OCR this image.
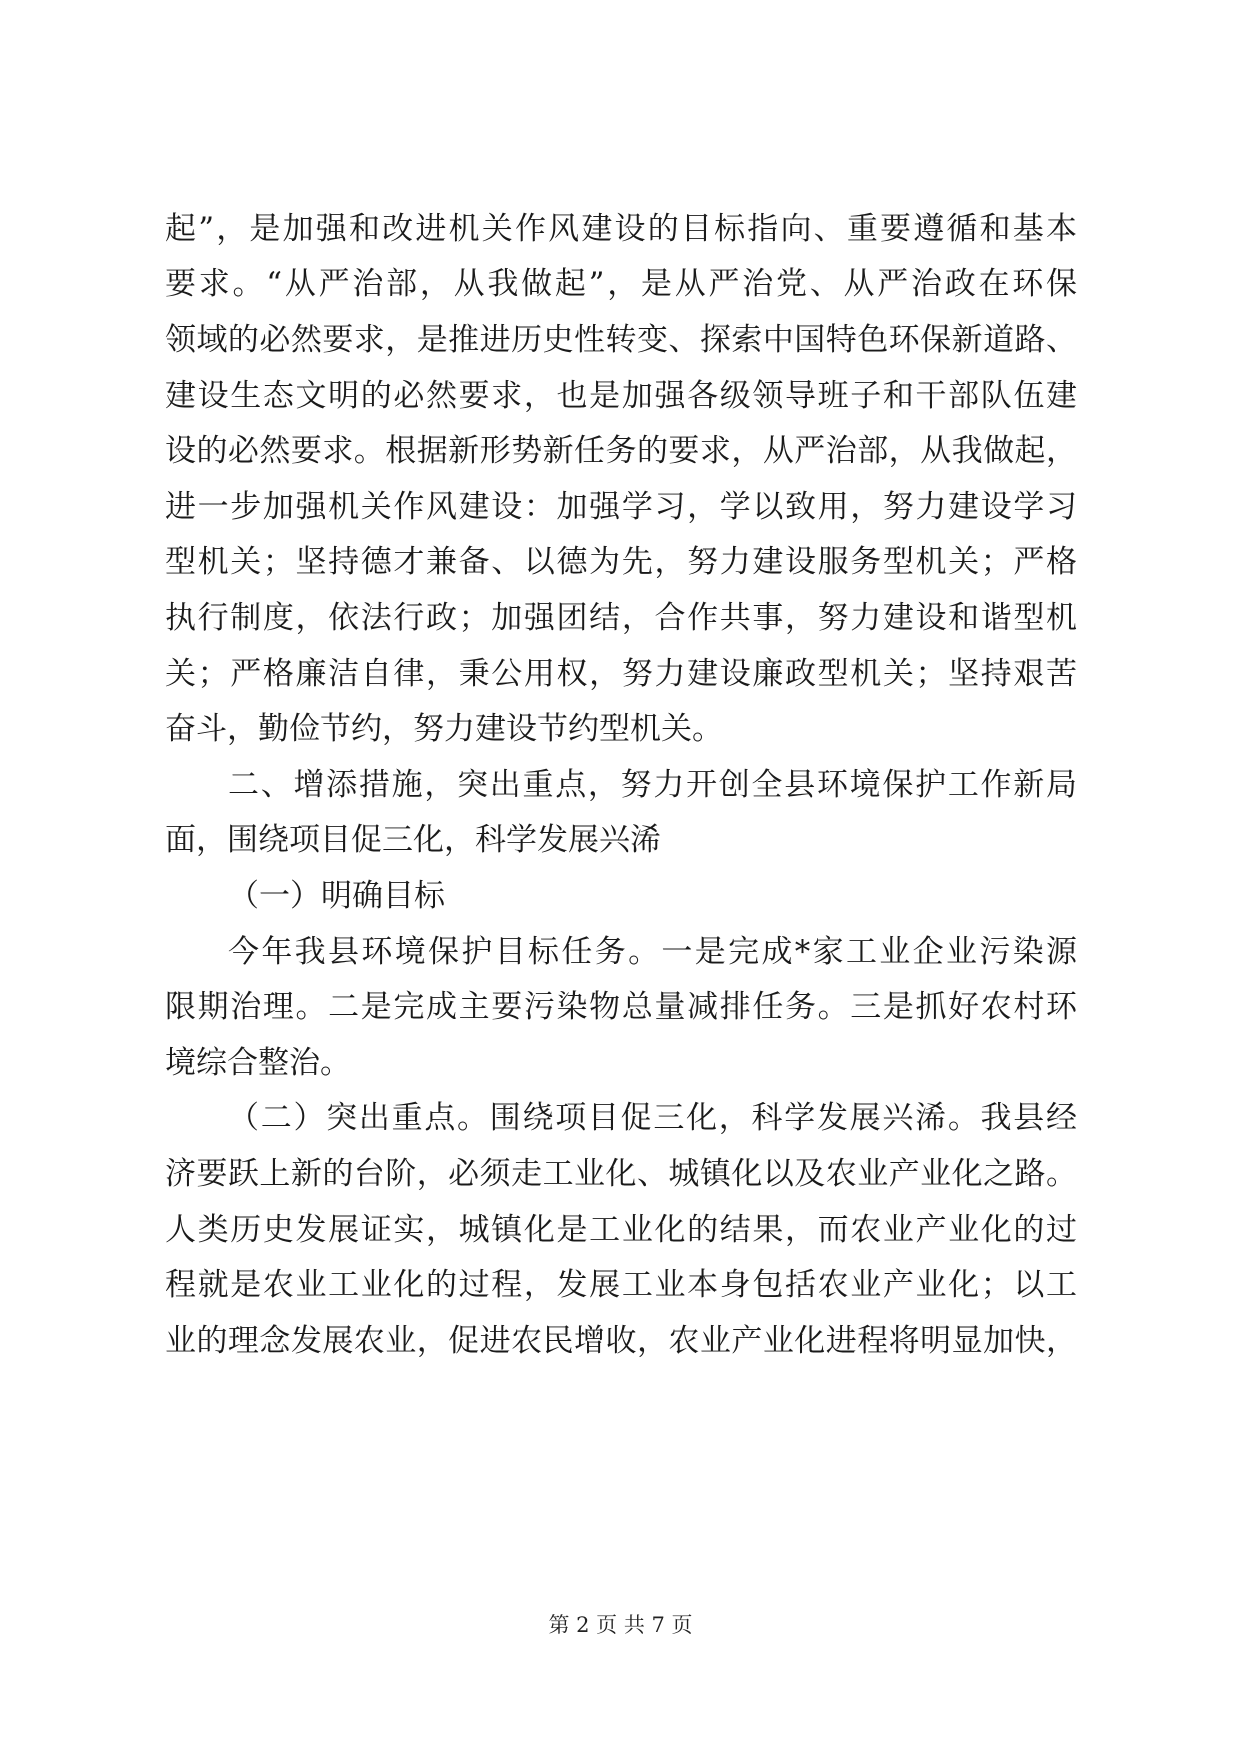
起”，是加强和改进机关作风建设的目标指向、重要遵循和基本
要求。“从严治部，从我做起”，是从严治党、从严治政在环保
领域的必然要求，是推进历史性转变、探索中国特色环保新道路、
建设生态文明的必然要求，也是加强各级领导班子和干部队伍建
设的必然要求。根据新形势新任务的要求，从严治部，从我做起，
进一步加强机关作风建设：加强学习，学以致用，努力建设学习
型机关；坚持德才兼备、以德为先，努力建设服务型机关；严格
执行制度，依法行政；加强团结，合作共事，努力建设和谐型机
关；严格廉洁自律，秉公用权，努力建设廉政型机关；坚持艰苦
奋斗，勤俭节约，努力建设节约型机关。
二、增添措施，突出重点，努力开创全县环境保护工作新局
面，围绕项目促三化，科学发展兴浠
（一）明确目标
今年我县环境保护目标任务。一是完成*家工业企业污染源
限期治理。二是完成主要污染物总量减排任务。三是抓好农村环
境综合整治。
（二）突出重点。围绕项目促三化，科学发展兴浠。我县经
济要跃上新的台阶，必须走工业化、城镇化以及农业产业化之路。
人类历史发展证实，城镇化是工业化的结果，而农业产业化的过
程就是农业工业化的过程，发展工业本身包括农业产业化；以工
业的理念发展农业，促进农民增收，农业产业化进程将明显加快，
第 2 页 共 7 页
